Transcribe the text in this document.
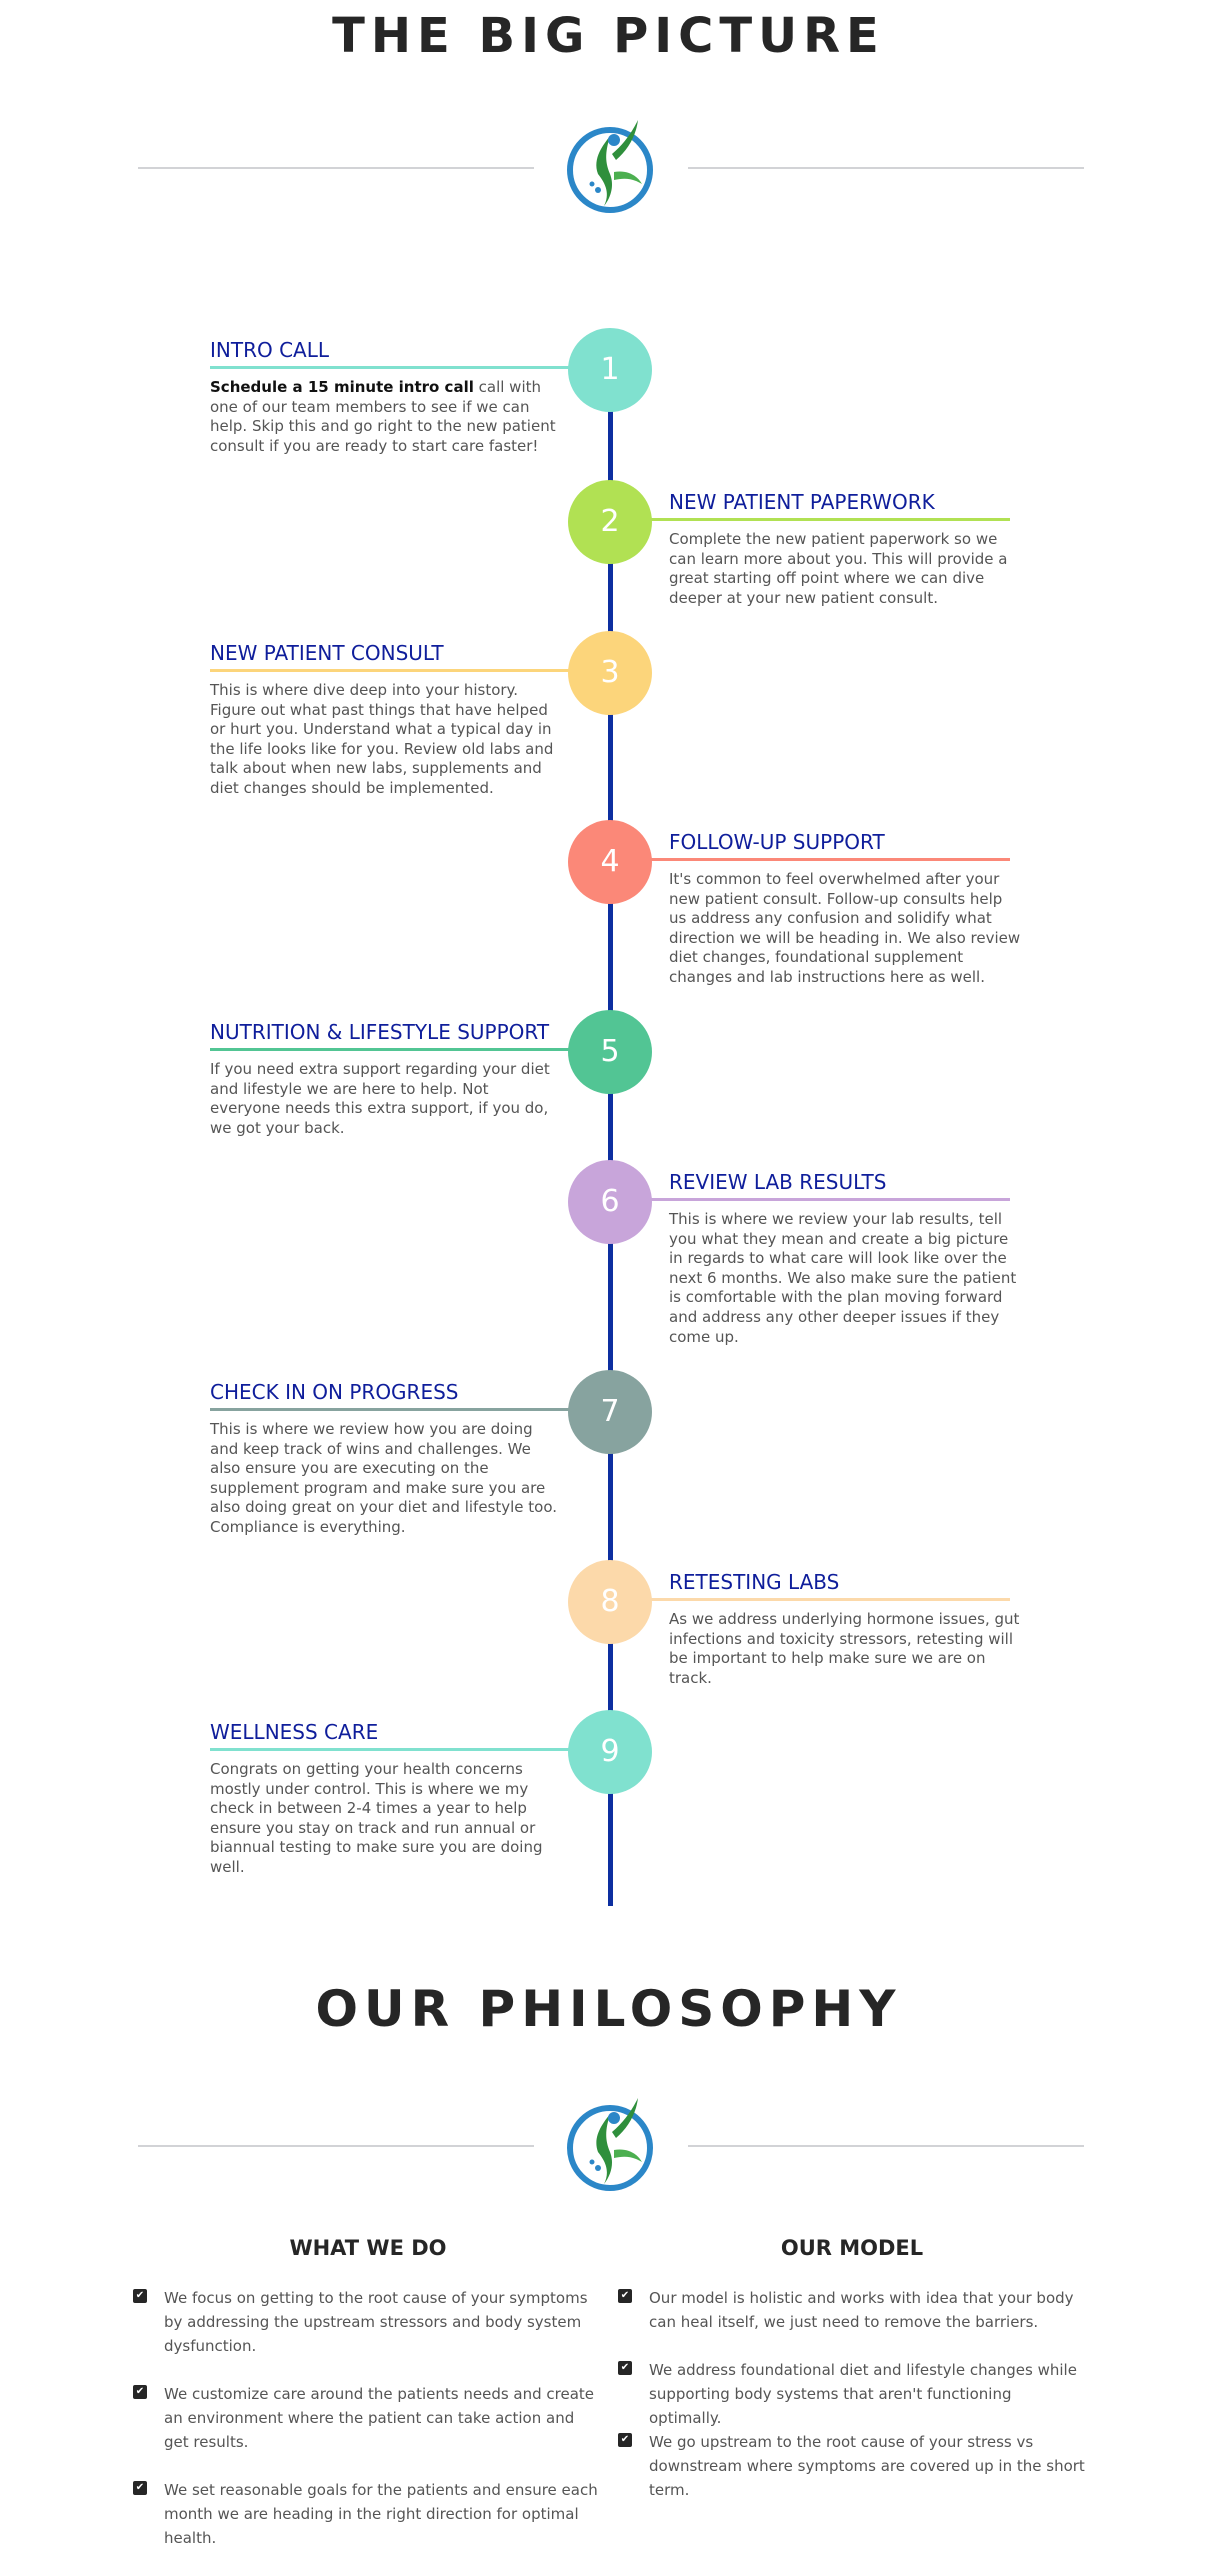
THE BIG PICTURE
1
INTRO CALL

Schedule a 15 minute intro call call with one of our team members to see if we can help. Skip this and go right to the new patient consult if you are ready to start care faster!

2
NEW PATIENT PAPERWORK

Complete the new patient paperwork so we can learn more about you. This will provide a great starting off point where we can dive deeper at your new patient consult.

3
NEW PATIENT CONSULT

This is where dive deep into your history. Figure out what past things that have helped or hurt you. Understand what a typical day in the life looks like for you. Review old labs and talk about when new labs, supplements and diet changes should be implemented.

4
FOLLOW-UP SUPPORT

It's common to feel overwhelmed after your new patient consult. Follow-up consults help us address any confusion and solidify what direction we will be heading in. We also review diet changes, foundational supplement changes and lab instructions here as well.

5
NUTRITION & LIFESTYLE SUPPORT

If you need extra support regarding your diet and lifestyle we are here to help. Not everyone needs this extra support, if you do, we got your back.

6
REVIEW LAB RESULTS

This is where we review your lab results, tell you what they mean and create a big picture in regards to what care will look like over the next 6 months. We also make sure the patient is comfortable with the plan moving forward and address any other deeper issues if they come up.

7
CHECK IN ON PROGRESS

This is where we review how you are doing and keep track of wins and challenges. We also ensure you are executing on the supplement program and make sure you are also doing great on your diet and lifestyle too. Compliance is everything.

8
RETESTING LABS

As we address underlying hormone issues, gut infections and toxicity stressors, retesting will be important to help make sure we are on track.

9
WELLNESS CARE

Congrats on getting your health concerns mostly under control. This is where we my check in between 2-4 times a year to help ensure you stay on track and run annual or biannual testing to make sure you are doing well.

OUR PHILOSOPHY
WHAT WE DO	OUR MODEL
✔ We focus on getting to the root cause of your symptoms by addressing the upstream stressors and body system dysfunction.
✔ We customize care around the patients needs and create an environment where the patient can take action and get results.
✔ We set reasonable goals for the patients and ensure each month we are heading in the right direction for optimal health.
✔ Our model is holistic and works with idea that your body can heal itself, we just need to remove the barriers.
✔ We address foundational diet and lifestyle changes while supporting body systems that aren't functioning optimally.
✔ We go upstream to the root cause of your stress vs downstream where symptoms are covered up in the short term.
